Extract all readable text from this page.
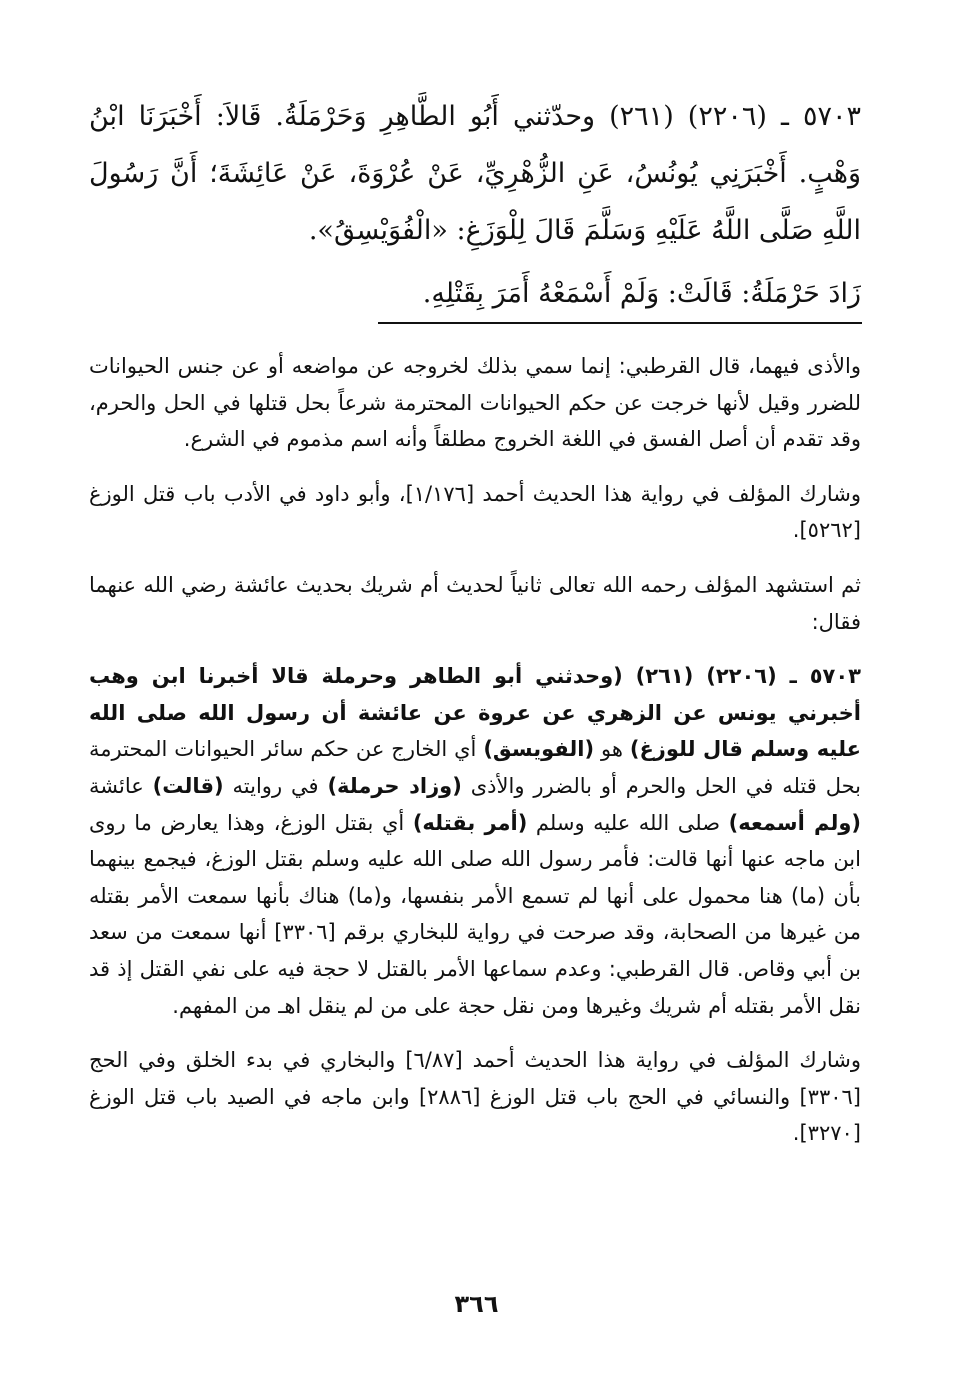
٥٧٠٣ ـ (٢٢٠٦) (٢٦١) وحدّثني أَبُو الطَّاهِرِ وَحَرْمَلَةُ. قَالاَ: أَخْبَرَنَا ابْنُ وَهْبٍ. أَخْبَرَنِي يُونُسُ، عَنِ الزُّهْرِيِّ، عَنْ عُرْوَةَ، عَنْ عَائِشَةَ؛ أَنَّ رَسُولَ اللَّهِ صَلَّى اللَّهُ عَلَيْهِ وَسَلَّمَ قَالَ لِلْوَزَغِ: «الْفُوَيْسِقُ».

زَادَ حَرْمَلَةُ: قَالَتْ: وَلَمْ أَسْمَعْهُ أَمَرَ بِقَتْلِهِ.

والأذى فيهما، قال القرطبي: إنما سمي بذلك لخروجه عن مواضعه أو عن جنس الحيوانات للضرر وقيل لأنها خرجت عن حكم الحيوانات المحترمة شرعاً بحل قتلها في الحل والحرم، وقد تقدم أن أصل الفسق في اللغة الخروج مطلقاً وأنه اسم مذموم في الشرع.

وشارك المؤلف في رواية هذا الحديث أحمد [١/١٧٦]، وأبو داود في الأدب باب قتل الوزغ [٥٢٦٢].

ثم استشهد المؤلف رحمه الله تعالى ثانياً لحديث أم شريك بحديث عائشة رضي الله عنهما فقال:

٥٧٠٣ ـ (٢٢٠٦) (٢٦١) (وحدثني أبو الطاهر وحرملة قالا أخبرنا ابن وهب أخبرني يونس عن الزهري عن عروة عن عائشة أن رسول الله صلى الله عليه وسلم قال للوزغ) هو (الفويسق) أي الخارج عن حكم سائر الحيوانات المحترمة بحل قتله في الحل والحرم أو بالضرر والأذى (وزاد حرملة) في روايته (قالت) عائشة (ولم أسمعه) صلى الله عليه وسلم (أمر بقتله) أي بقتل الوزغ، وهذا يعارض ما روى ابن ماجه عنها أنها قالت: فأمر رسول الله صلى الله عليه وسلم بقتل الوزغ، فيجمع بينهما بأن (ما) هنا محمول على أنها لم تسمع الأمر بنفسها، و(ما) هناك بأنها سمعت الأمر بقتله من غيرها من الصحابة، وقد صرحت في رواية للبخاري برقم [٣٣٠٦] أنها سمعت من سعد بن أبي وقاص. قال القرطبي: وعدم سماعها الأمر بالقتل لا حجة فيه على نفي القتل إذ قد نقل الأمر بقتله أم شريك وغيرها ومن نقل حجة على من لم ينقل اهـ من المفهم.

وشارك المؤلف في رواية هذا الحديث أحمد [٦/٨٧] والبخاري في بدء الخلق وفي الحج [٣٣٠٦] والنسائي في الحج باب قتل الوزغ [٢٨٨٦] وابن ماجه في الصيد باب قتل الوزغ [٣٢٧٠].

٣٦٦
